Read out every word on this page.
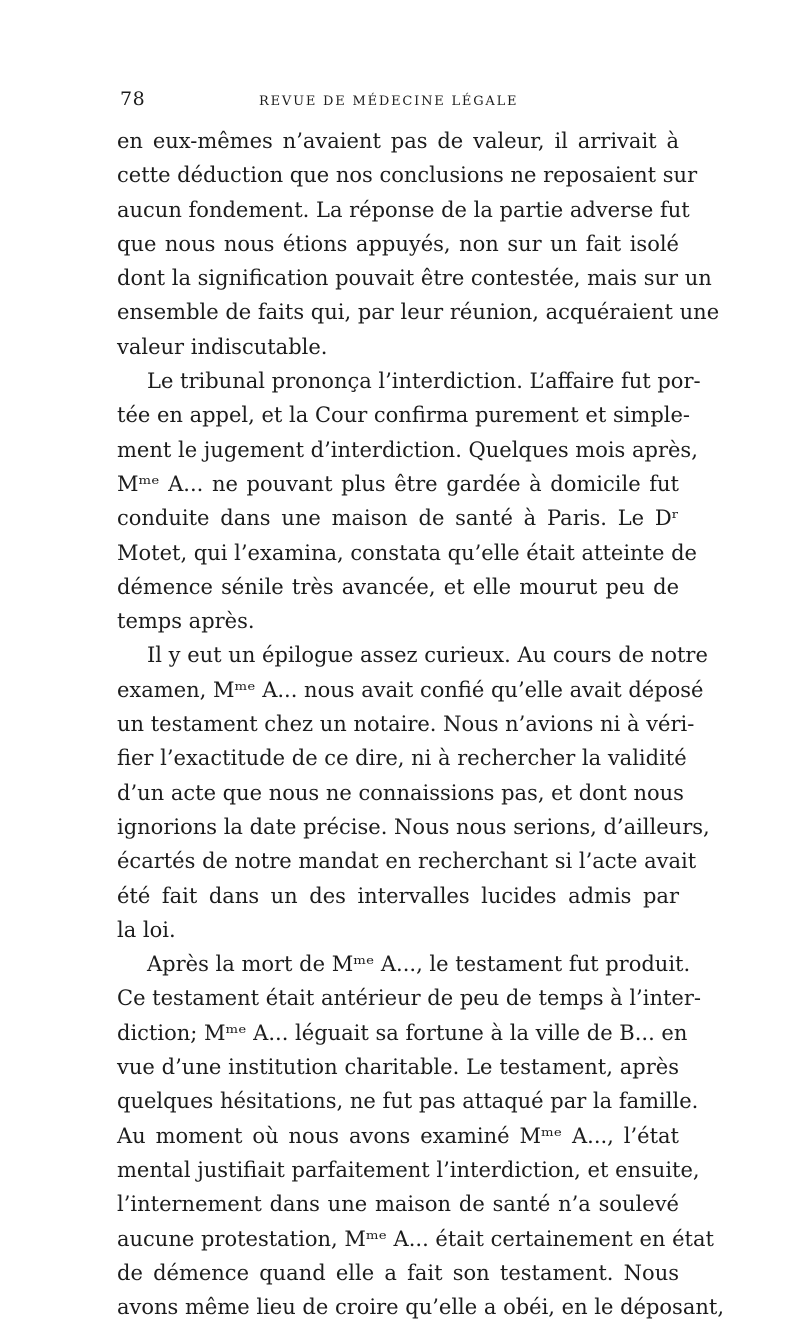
78	REVUE DE MÉDECINE LÉGALE
en eux-mêmes n’avaient pas de valeur, il arrivait à
cette déduction que nos conclusions ne reposaient sur
aucun fondement. La réponse de la partie adverse fut
que nous nous étions appuyés, non sur un fait isolé
dont la signification pouvait être contestée, mais sur un
ensemble de faits qui, par leur réunion, acquéraient une
valeur indiscutable.
Le tribunal prononça l’interdiction. L’affaire fut por-
tée en appel, et la Cour confirma purement et simple-
ment le jugement d’interdiction. Quelques mois après,
Mᵐᵉ A... ne pouvant plus être gardée à domicile fut
conduite dans une maison de santé à Paris. Le Dʳ
Motet, qui l’examina, constata qu’elle était atteinte de
démence sénile très avancée, et elle mourut peu de
temps après.
Il y eut un épilogue assez curieux. Au cours de notre
examen, Mᵐᵉ A... nous avait confié qu’elle avait déposé
un testament chez un notaire. Nous n’avions ni à véri-
fier l’exactitude de ce dire, ni à rechercher la validité
d’un acte que nous ne connaissions pas, et dont nous
ignorions la date précise. Nous nous serions, d’ailleurs,
écartés de notre mandat en recherchant si l’acte avait
été fait dans un des intervalles lucides admis par
la loi.
Après la mort de Mᵐᵉ A..., le testament fut produit.
Ce testament était antérieur de peu de temps à l’inter-
diction; Mᵐᵉ A... léguait sa fortune à la ville de B... en
vue d’une institution charitable. Le testament, après
quelques hésitations, ne fut pas attaqué par la famille.
Au moment où nous avons examiné Mᵐᵉ A..., l’état
mental justifiait parfaitement l’interdiction, et ensuite,
l’internement dans une maison de santé n’a soulevé
aucune protestation, Mᵐᵉ A... était certainement en état
de démence quand elle a fait son testament. Nous
avons même lieu de croire qu’elle a obéi, en le déposant,
